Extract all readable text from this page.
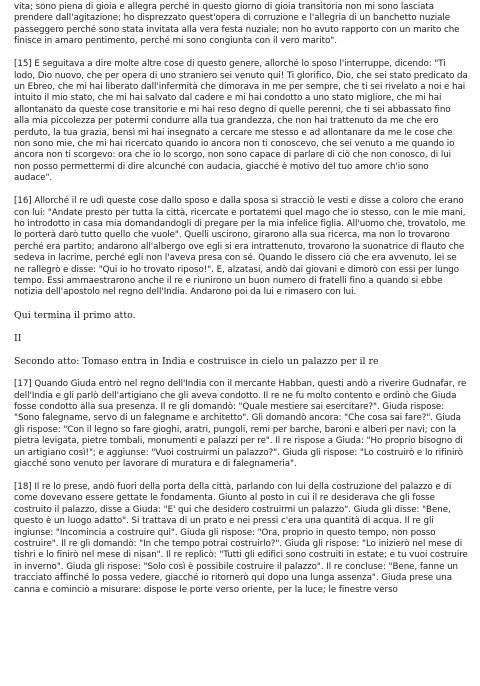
vita; sono piena di gioia e allegra perché in questo giorno di gioia transitoria non mi sono lasciata prendere dall'agitazione; ho disprezzato quest'opera di corruzione e l'allegria di un banchetto nuziale passeggero perché sono stata invitata alla vera festa nuziale; non ho avuto rapporto con un marito che finisce in amaro pentimento, perché mi sono congiunta con il vero marito".

[15] E seguitava a dire molte altre cose di questo genere, allorché lo sposo l'interruppe, dicendo: "Ti lodo, Dio nuovo, che per opera di uno straniero sei venuto qui! Ti glorifico, Dio, che sei stato predicato da un Ebreo, che mi hai liberato dall'infermità che dimorava in me per sempre, che ti sei rivelato a noi e hai intuito il mio stato, che mi hai salvato dal cadere e mi hai condotto a uno stato migliore, che mi hai allontanato da queste cose transitorie e mi hai reso degno di quelle perenni, che ti sei abbassato fino alla mia piccolezza per potermi condurre alla tua grandezza, che non hai trattenuto da me che ero perduto, la tua grazia, bensì mi hai insegnato a cercare me stesso e ad allontanare da me le cose che non sono mie, che mi hai ricercato quando io ancora non ti conoscevo, che sei venuto a me quando io ancora non ti scorgevo: ora che io lo scorgo, non sono capace di parlare di ciò che non conosco, di lui non posso permettermi di dire alcunché con audacia, giacché è motivo del tuo amore ch'io sono audace".

[16] Allorché il re udì queste cose dallo sposo e dalla sposa si stracciò le vesti e disse a coloro che erano con lui: "Andate presto per tutta la città, ricercate e portatemi quel mago che io stesso, con le mie mani, ho introdotto in casa mia domandandogli di pregare per la mia infelice figlia. All'uomo che, trovatolo, me lo porterà darò tutto quello che vuole". Quelli uscirono, girarono alla sua ricerca, ma non lo trovarono perché era partito; andarono all'albergo ove egli si era intrattenuto, trovarono la suonatrice di flauto che sedeva in lacrime, perché egli non l'aveva presa con sé. Quando le dissero ciò che era avvenuto, lei se ne rallegrò e disse: "Qui io ho trovato riposo!". E, alzatasi, andò dai giovani e dimorò con essi per lungo tempo. Essi ammaestrarono anche il re e riunirono un buon numero di fratelli fino a quando si ebbe notizia dell'apostolo nel regno dell'India. Andarono poi da lui e rimasero con lui.

Qui termina il primo atto.

II

Secondo atto: Tomaso entra in India e costruisce in cielo un palazzo per il re

[17] Quando Giuda entrò nel regno dell'India con il mercante Habban, questi andò a riverire Gudnafar, re dell'India e gli parlò dell'artigiano che gli aveva condotto. Il re ne fu molto contento e ordinò che Giuda fosse condotto alla sua presenza. Il re gli domandò: "Quale mestiere sai esercitare?". Giuda rispose: "Sono falegname, servo di un falegname e architetto". Gli domandò ancora: "Che cosa sai fare?". Giuda gli rispose: "Con il legno so fare gioghi, aratri, pungoli, remi per barche, baroni e alberi per navi; con la pietra levigata, pietre tombali, monumenti e palazzi per re". Il re rispose a Giuda: "Ho proprio bisogno di un artigiano così!"; e aggiunse: "Vuoi costruirmi un palazzo?". Giuda gli rispose: "Lo costruirò e lo rifinirò giacché sono venuto per lavorare di muratura e di falegnameria".

[18] Il re lo prese, andò fuori della porta della città, parlando con lui della costruzione del palazzo e di come dovevano essere gettate le fondamenta. Giunto al posto in cui il re desiderava che gli fosse costruito il palazzo, disse a Giuda: "E' qui che desidero costruirmi un palazzo". Giuda gli disse: "Bene, questo è un luogo adatto". Si trattava di un prato e nei pressi c'era una quantità di acqua. Il re gli ingiunse: "Incomincia a costruire qui". Giuda gli rispose: "Ora, proprio in questo tempo, non posso costruire". Il re gli domandò: "In che tempo potrai costruirlo?". Giuda gli rispose: "Lo inizierò nel mese di tishri e lo finirò nel mese di nisan". Il re replicò: "Tutti gli edifici sono costruiti in estate; e tu vuoi costruire in inverno". Giuda gli rispose: "Solo così è possibile costruire il palazzo". Il re concluse: "Bene, fanne un tracciato affinché lo possa vedere, giacché io ritornerò qui dopo una lunga assenza". Giuda prese una canna e cominciò a misurare: dispose le porte verso oriente, per la luce; le finestre verso
